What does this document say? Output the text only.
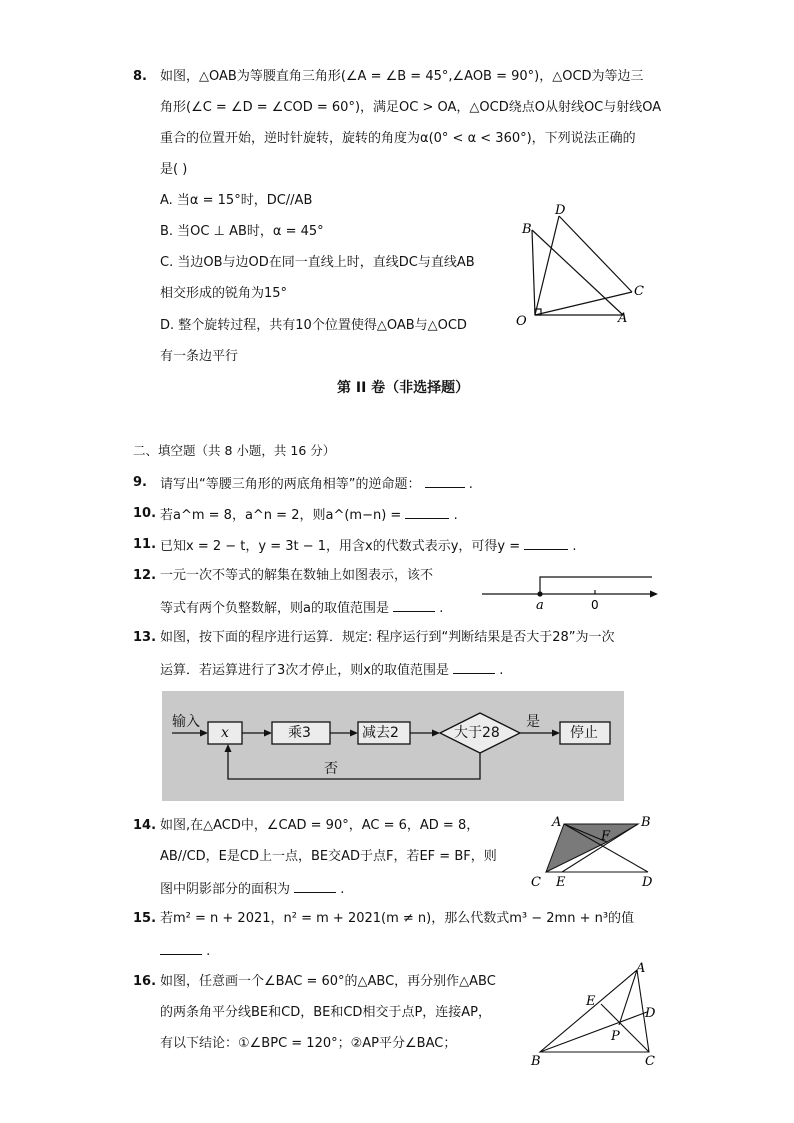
8. 如图，△OAB为等腰直角三角形(∠A = ∠B = 45°,∠AOB = 90°)，△OCD为等边三
角形(∠C = ∠D = ∠COD = 60°)，满足OC > OA，△OCD绕点O从射线OC与射线OA
重合的位置开始，逆时针旋转，旋转的角度为α(0° < α < 360°)，下列说法正确的
是( )
A. 当α = 15°时，DC//AB
B. 当OC ⊥ AB时，α = 45°
C. 当边OB与边OD在同一直线上时，直线DC与直线AB
相交形成的锐角为15°
D. 整个旋转过程，共有10个位置使得△OAB与△OCD
有一条边平行
B
D
C
O	A
第 II 卷（非选择题）
二、填空题（共 8 小题，共 16 分）
9. 请写出“等腰三角形的两底角相等”的逆命题：	.
10. 若a^m = 8，a^n = 2，则a^(m−n) =	.
11. 已知x = 2 − t，y = 3t − 1，用含x的代数式表示y，可得y =	.
12. 一元一次不等式的解集在数轴上如图表示，该不
等式有两个负整数解，则a的取值范围是	.	a	0
13. 如图，按下面的程序进行运算．规定: 程序运行到“判断结果是否大于28”为一次
运算．若运算进行了3次才停止，则x的取值范围是	.
输入
x	乘3	减去2	大于28
是
停止
否
14. 如图,在△ACD中，∠CAD = 90°，AC = 6，AD = 8，
AB//CD，E是CD上一点，BE交AD于点F，若EF = BF，则
图中阴影部分的面积为	.
A	B
F
C E	D
15. 若m² = n + 2021，n² = m + 2021(m ≠ n)，那么代数式m³ − 2mn + n³的值
.
16. 如图，任意画一个∠BAC = 60°的△ABC，再分别作△ABC
的两条角平分线BE和CD，BE和CD相交于点P，连接AP，
有以下结论：①∠BPC = 120°；②AP平分∠BAC；
A
E
D
P
B	C
